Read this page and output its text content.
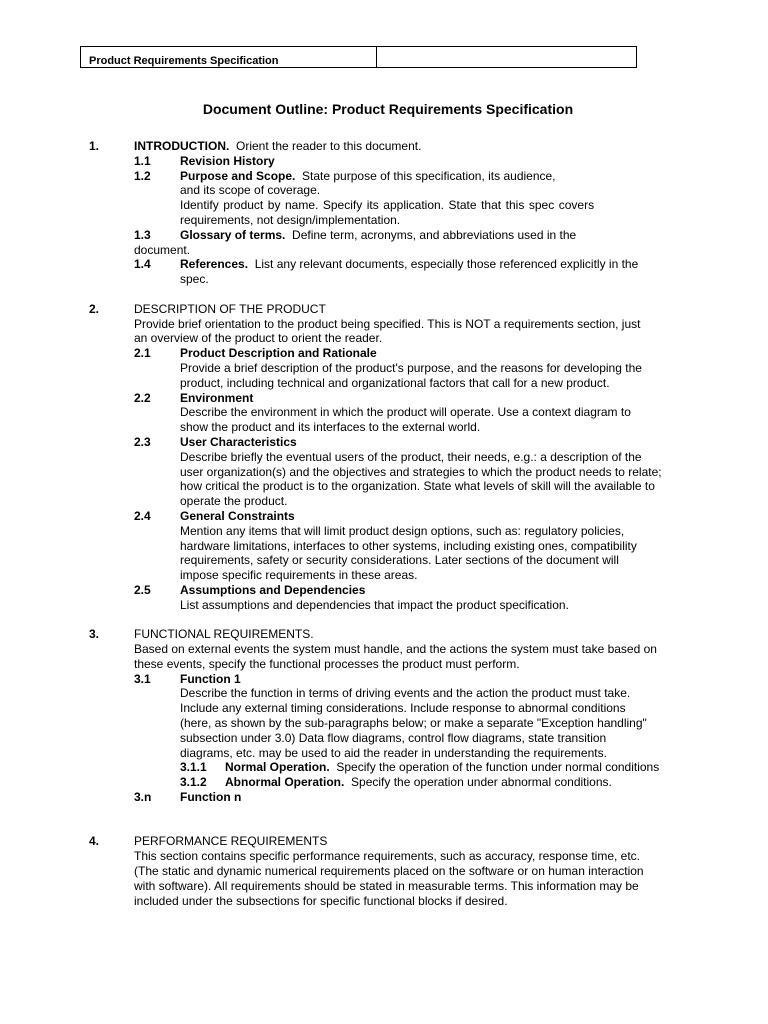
Product Requirements Specification
Document Outline: Product Requirements Specification
1.	INTRODUCTION. Orient the reader to this document.
1.1 Revision History
1.2 Purpose and Scope. State purpose of this specification, its audience,
and its scope of coverage.
Identify product by name. Specify its application. State that this spec covers
requirements, not design/implementation.
1.3 Glossary of terms. Define term, acronyms, and abbreviations used in the
document.
1.4 References. List any relevant documents, especially those referenced explicitly in the
spec.
2.	DESCRIPTION OF THE PRODUCT
Provide brief orientation to the product being specified. This is NOT a requirements section, just
an overview of the product to orient the reader.
2.1 Product Description and Rationale
Provide a brief description of the product's purpose, and the reasons for developing the
product, including technical and organizational factors that call for a new product.
2.2 Environment
Describe the environment in which the product will operate. Use a context diagram to
show the product and its interfaces to the external world.
2.3 User Characteristics
Describe briefly the eventual users of the product, their needs, e.g.: a description of the
user organization(s) and the objectives and strategies to which the product needs to relate;
how critical the product is to the organization. State what levels of skill will the available to
operate the product.
2.4 General Constraints
Mention any items that will limit product design options, such as: regulatory policies,
hardware limitations, interfaces to other systems, including existing ones, compatibility
requirements, safety or security considerations. Later sections of the document will
impose specific requirements in these areas.
2.5 Assumptions and Dependencies
List assumptions and dependencies that impact the product specification.
3.	FUNCTIONAL REQUIREMENTS.
Based on external events the system must handle, and the actions the system must take based on
these events, specify the functional processes the product must perform.
3.1 Function 1
Describe the function in terms of driving events and the action the product must take.
Include any external timing considerations. Include response to abnormal conditions
(here, as shown by the sub-paragraphs below; or make a separate "Exception handling"
subsection under 3.0) Data flow diagrams, control flow diagrams, state transition
diagrams, etc. may be used to aid the reader in understanding the requirements.
3.1.1 Normal Operation. Specify the operation of the function under normal conditions
3.1.2 Abnormal Operation. Specify the operation under abnormal conditions.
3.n Function n
4.	PERFORMANCE REQUIREMENTS
This section contains specific performance requirements, such as accuracy, response time, etc.
(The static and dynamic numerical requirements placed on the software or on human interaction
with software). All requirements should be stated in measurable terms. This information may be
included under the subsections for specific functional blocks if desired.
